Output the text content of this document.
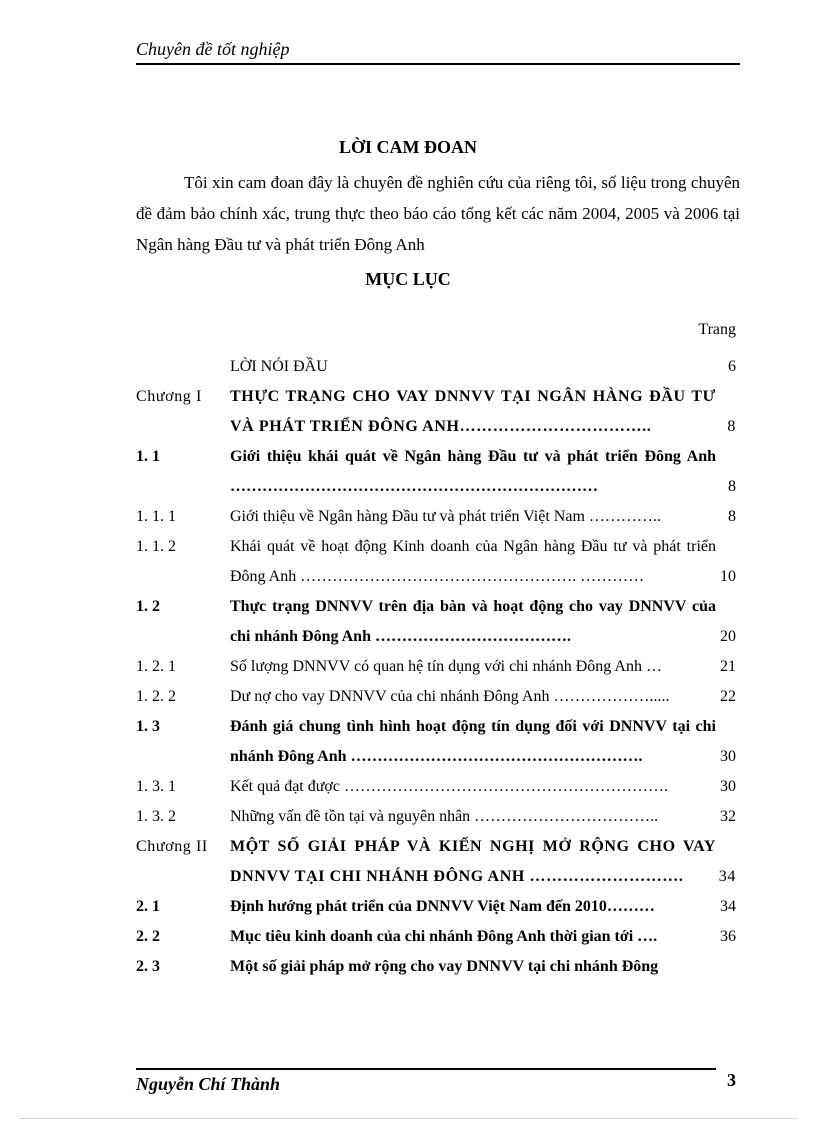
Chuyên đề tốt nghiệp
LỜI CAM ĐOAN

Tôi xin cam đoan đây là chuyên đề nghiên cứu của riêng tôi, số liệu trong chuyên đề đảm bảo chính xác, trung thực theo báo cáo tổng kết các năm 2004, 2005 và 2006 tại Ngân hàng Đầu tư và phát triển Đông Anh

MỤC LỤC
Trang
LỜI NÓI ĐẦU	6
Chương I	THỰC TRẠNG CHO VAY DNNVV TẠI NGÂN HÀNG ĐẦU TƯ VÀ PHÁT TRIỂN ĐÔNG ANH……………………………..	8
1. 1	Giới thiệu khái quát về Ngân hàng Đầu tư và phát triển Đông Anh ……………………………………………………………	8
1. 1. 1	Giới thiệu về Ngân hàng Đầu tư và phát triển Việt Nam …………..	8
1. 1. 2	Khái quát về hoạt động Kinh doanh của Ngân hàng Đầu tư và phát triển Đông Anh ……………………………………………. …………	10
1. 2	Thực trạng DNNVV trên địa bàn và hoạt động cho vay DNNVV của chi nhánh Đông Anh ……………………………….	20
1. 2. 1	Số lượng DNNVV có quan hệ tín dụng với chi nhánh Đông Anh …	21
1. 2. 2	Dư nợ cho vay DNNVV của chi nhánh Đông Anh ……………….....	22
1. 3	Đánh giá chung tình hình hoạt động tín dụng đối với DNNVV tại chi nhánh Đông Anh ……………………………………………….	30
1. 3. 1	Kết quả đạt được …………………………………………………….	30
1. 3. 2	Những vấn đề tồn tại và nguyên nhân ……………………………..	32
Chương II	MỘT SỐ GIẢI PHÁP VÀ KIẾN NGHỊ MỞ RỘNG CHO VAY DNNVV TẠI CHI NHÁNH ĐÔNG ANH ……………………….	34
2. 1	Định hướng phát triển của DNNVV Việt Nam đến 2010………	34
2. 2	Mục tiêu kinh doanh của chi nhánh Đông Anh thời gian tới ….	36
2. 3	Một số giải pháp mở rộng cho vay DNNVV tại chi nhánh Đông
Nguyễn Chí Thành	3
